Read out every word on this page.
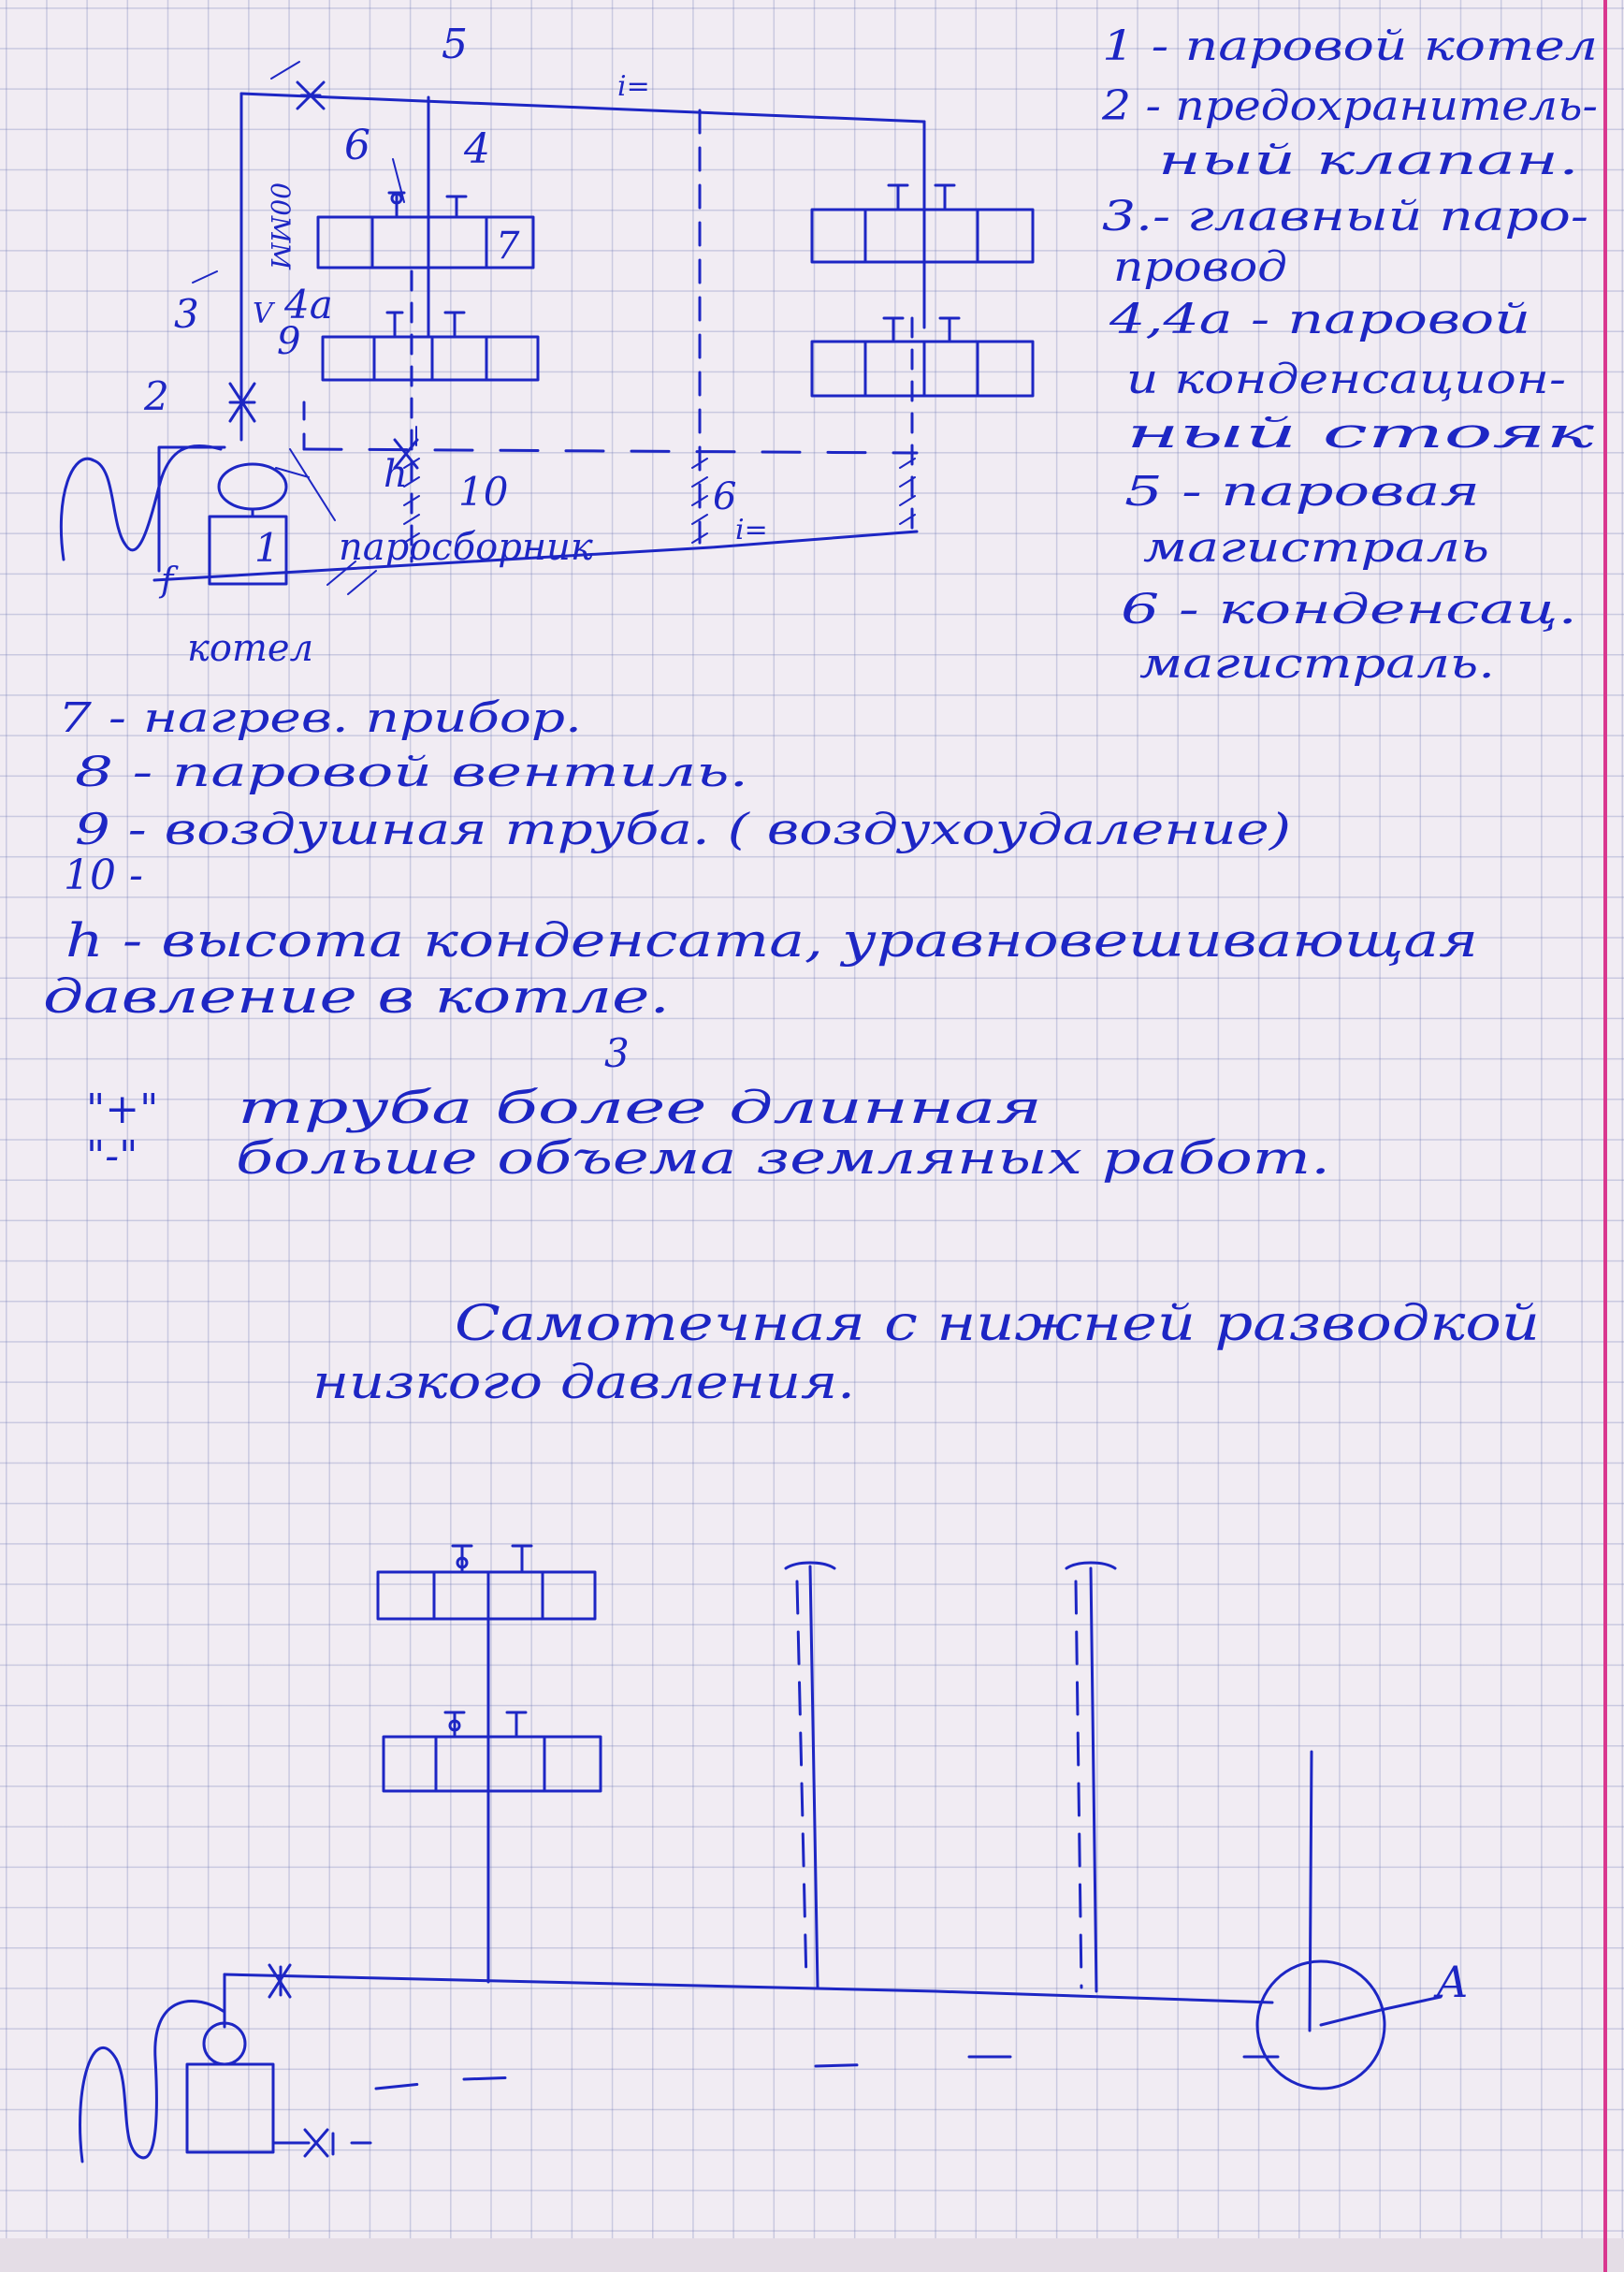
5
i=
6 4
7
00MM
3 V 4a
9
2
h 10	6
i=
1
f
паросборник
котел
1 - паровой котел
2 - предохранитель-
ный клапан.
3.- главный паро-
провод
4,4а - паровой
и конденсацион-
ный стояк
5 - паровая
магистраль
6 - конденсац.
магистраль.
7 - нагрев. прибор.
8 - паровой вентиль.
9 - воздушная труба. ( воздухоудаление)
10 -
h - высота конденсата, уравновешивающая
давление в котле.
3
"+" труба более длинная
"-" больше объема земляных работ.
Самотечная с нижней разводкой
низкого давления.
A
